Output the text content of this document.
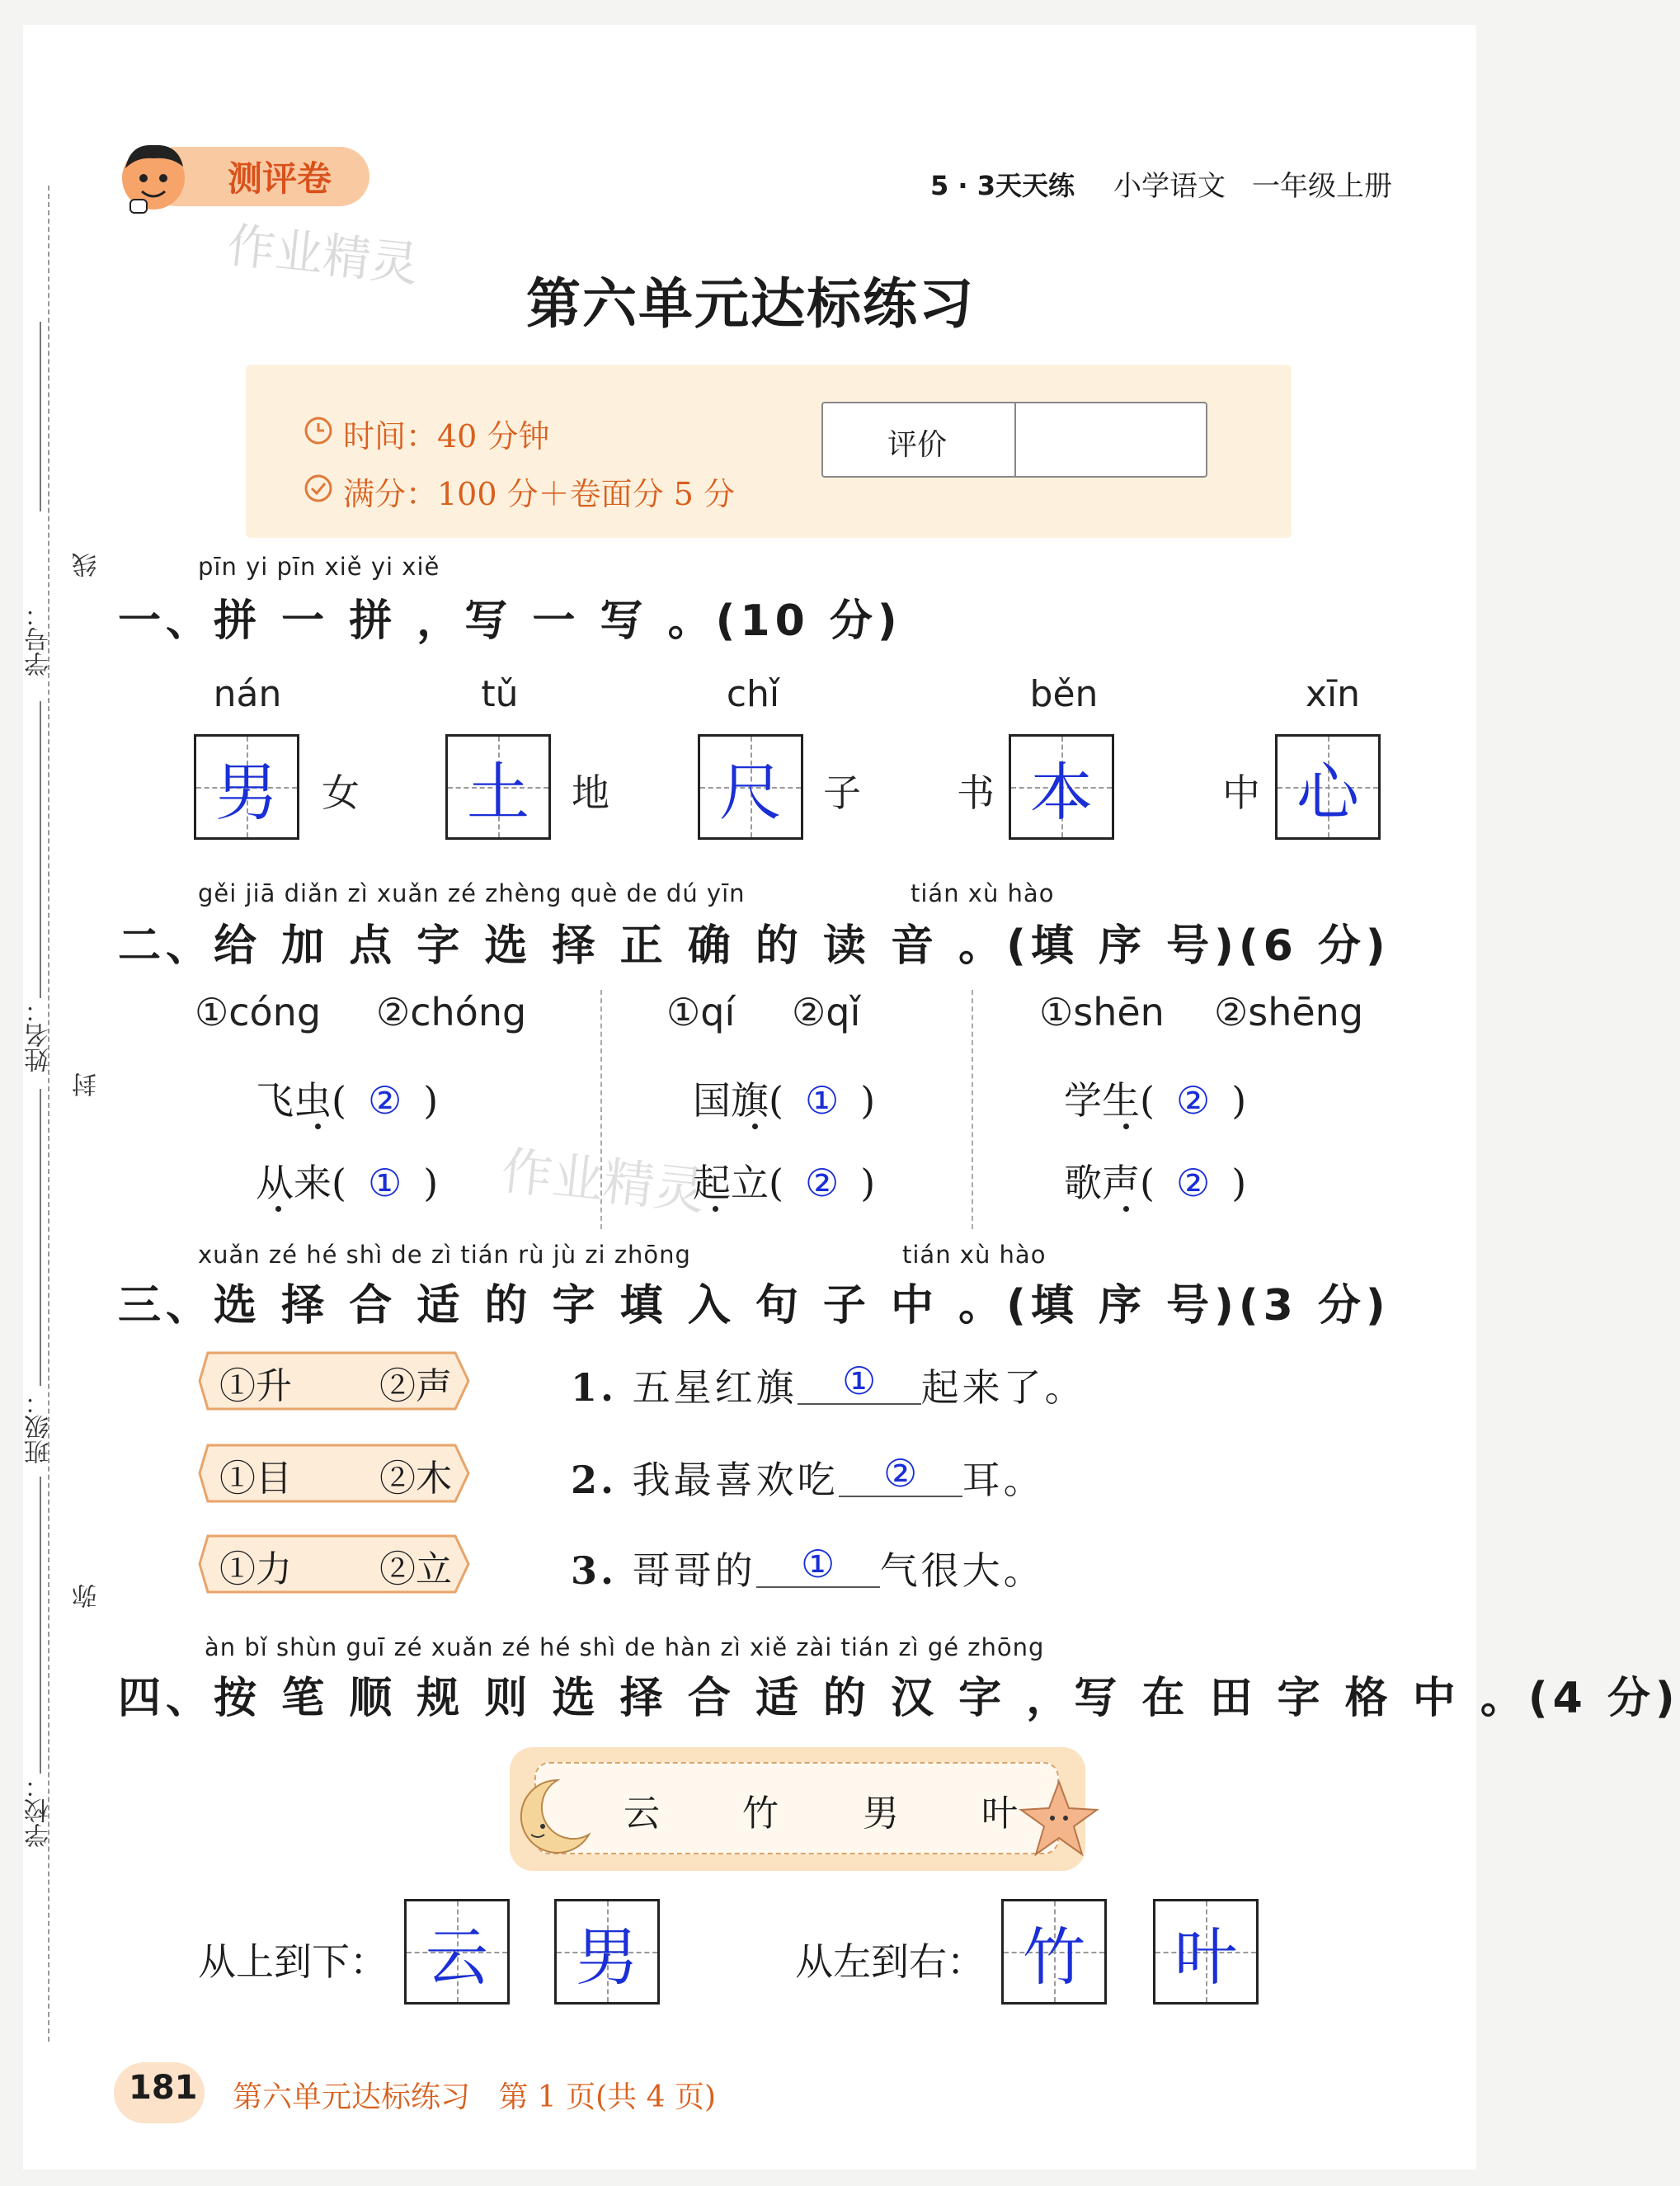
学号：
姓名：
班级：
学校：
线
封
弥
测评卷
作业精灵
5 · 3天天练 小学语文 一年级上册
第六单元达标练习
时间：40 分钟
满分：100 分＋卷面分 5 分
评价
pīn yi pīn xiě yi xiě
一、拼 一 拼 ，写 一 写 。(10 分)
nán
男	女
tǔ
土	地
chǐ
尺	子	书
běn
本	中
xīn
心
gěi jiā diǎn zì xuǎn zé zhèng què de dú yīn	tián xù hào
二、给 加 点 字 选 择 正 确 的 读 音 。(填 序 号)(6 分)
①cóng ②chóng
飞虫( ② )
从来( ① )
①qí ②qǐ
国旗( ① )
起立( ② )
①shēn ②shēng
学生( ② )
歌声( ② )
作业精灵
xuǎn zé hé shì de zì tián rù jù zi zhōng	tián xù hào
三、选 择 合 适 的 字 填 入 句 子 中 。(填 序 号)(3 分)
①升 ②声	1. 五星红旗 ① 起来了。
①目 ②木	2. 我最喜欢吃 ② 耳。
①力 ②立	3. 哥哥的 ① 气很大。
àn bǐ shùn guī zé xuǎn zé hé shì de hàn zì xiě zài tián zì gé zhōng
四、按 笔 顺 规 则 选 择 合 适 的 汉 字 ，写 在 田 字 格 中 。(4 分)
云 竹 男 叶
从上到下： 云	男	从左到右： 竹	叶
181 第六单元达标练习   第 1 页(共 4 页)
